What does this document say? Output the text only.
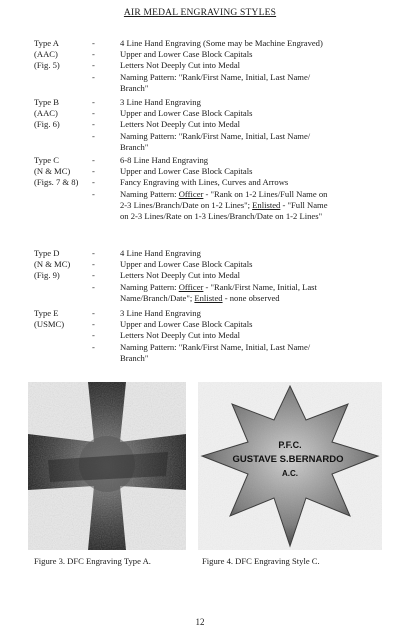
AIR MEDAL ENGRAVING STYLES
Type A
(AAC)
(Fig. 5)
-	4 Line Hand Engraving (Some may be Machine Engraved)
-	Upper and Lower Case Block Capitals
-	Letters Not Deeply Cut into Medal
-	Naming Pattern: "Rank/First Name, Initial, Last Name/
Branch"
Type B
(AAC)
(Fig. 6)
-	3 Line Hand Engraving
-	Upper and Lower Case Block Capitals
-	Letters Not Deeply Cut into Medal
-	Naming Pattern: "Rank/First Name, Initial, Last Name/
Branch"
Type C
(N & MC)
(Figs. 7 & 8)
-	6-8 Line Hand Engraving
-	Upper and Lower Case Block Capitals
-	Fancy Engraving with Lines, Curves and Arrows
-	Naming Pattern: Officer - "Rank on 1-2 Lines/Full Name on
2-3 Lines/Branch/Date on 1-2 Lines"; Enlisted - "Full Name
on 2-3 Lines/Rate on 1-3 Lines/Branch/Date on 1-2 Lines"
Type D
(N & MC)
(Fig. 9)
-	4 Line Hand Engraving
-	Upper and Lower Case Block Capitals
-	Letters Not Deeply Cut into Medal
-	Naming Pattern: Officer - "Rank/First Name, Initial, Last
Name/Branch/Date"; Enlisted - none observed
Type E
(USMC)
-	3 Line Hand Engraving
-	Upper and Lower Case Block Capitals
-	Letters Not Deeply Cut into Medal
-	Naming Pattern: "Rank/First Name, Initial, Last Name/
Branch"
P.F.C.
GUSTAVE S.BERNARDO
A.C.
Figure 3. DFC Engraving Type A.	Figure 4. DFC Engraving Style C.
12
